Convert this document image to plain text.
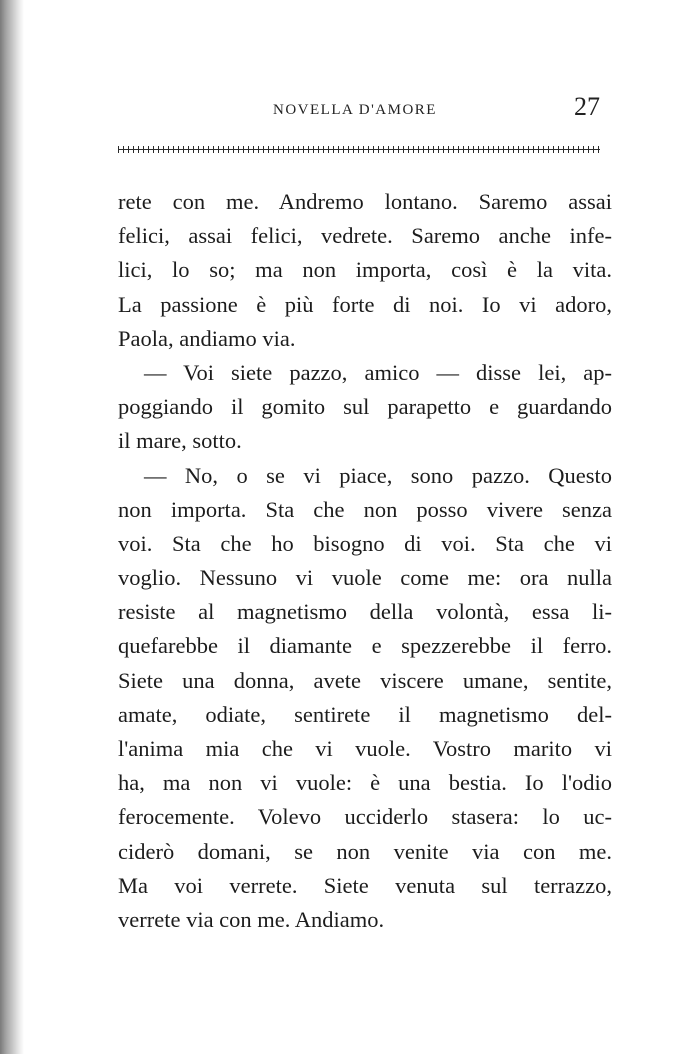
NOVELLA D'AMORE	27
rete con me. Andremo lontano. Saremo assai
felici, assai felici, vedrete. Saremo anche infe-
lici, lo so; ma non importa, così è la vita.
La passione è più forte di noi. Io vi adoro,
Paola, andiamo via.
— Voi siete pazzo, amico — disse lei, ap-
poggiando il gomito sul parapetto e guardando
il mare, sotto.
— No, o se vi piace, sono pazzo. Questo
non importa. Sta che non posso vivere senza
voi. Sta che ho bisogno di voi. Sta che vi
voglio. Nessuno vi vuole come me: ora nulla
resiste al magnetismo della volontà, essa li-
quefarebbe il diamante e spezzerebbe il ferro.
Siete una donna, avete viscere umane, sentite,
amate, odiate, sentirete il magnetismo del-
l'anima mia che vi vuole. Vostro marito vi
ha, ma non vi vuole: è una bestia. Io l'odio
ferocemente. Volevo ucciderlo stasera: lo uc-
ciderò domani, se non venite via con me.
Ma voi verrete. Siete venuta sul terrazzo,
verrete via con me. Andiamo.
